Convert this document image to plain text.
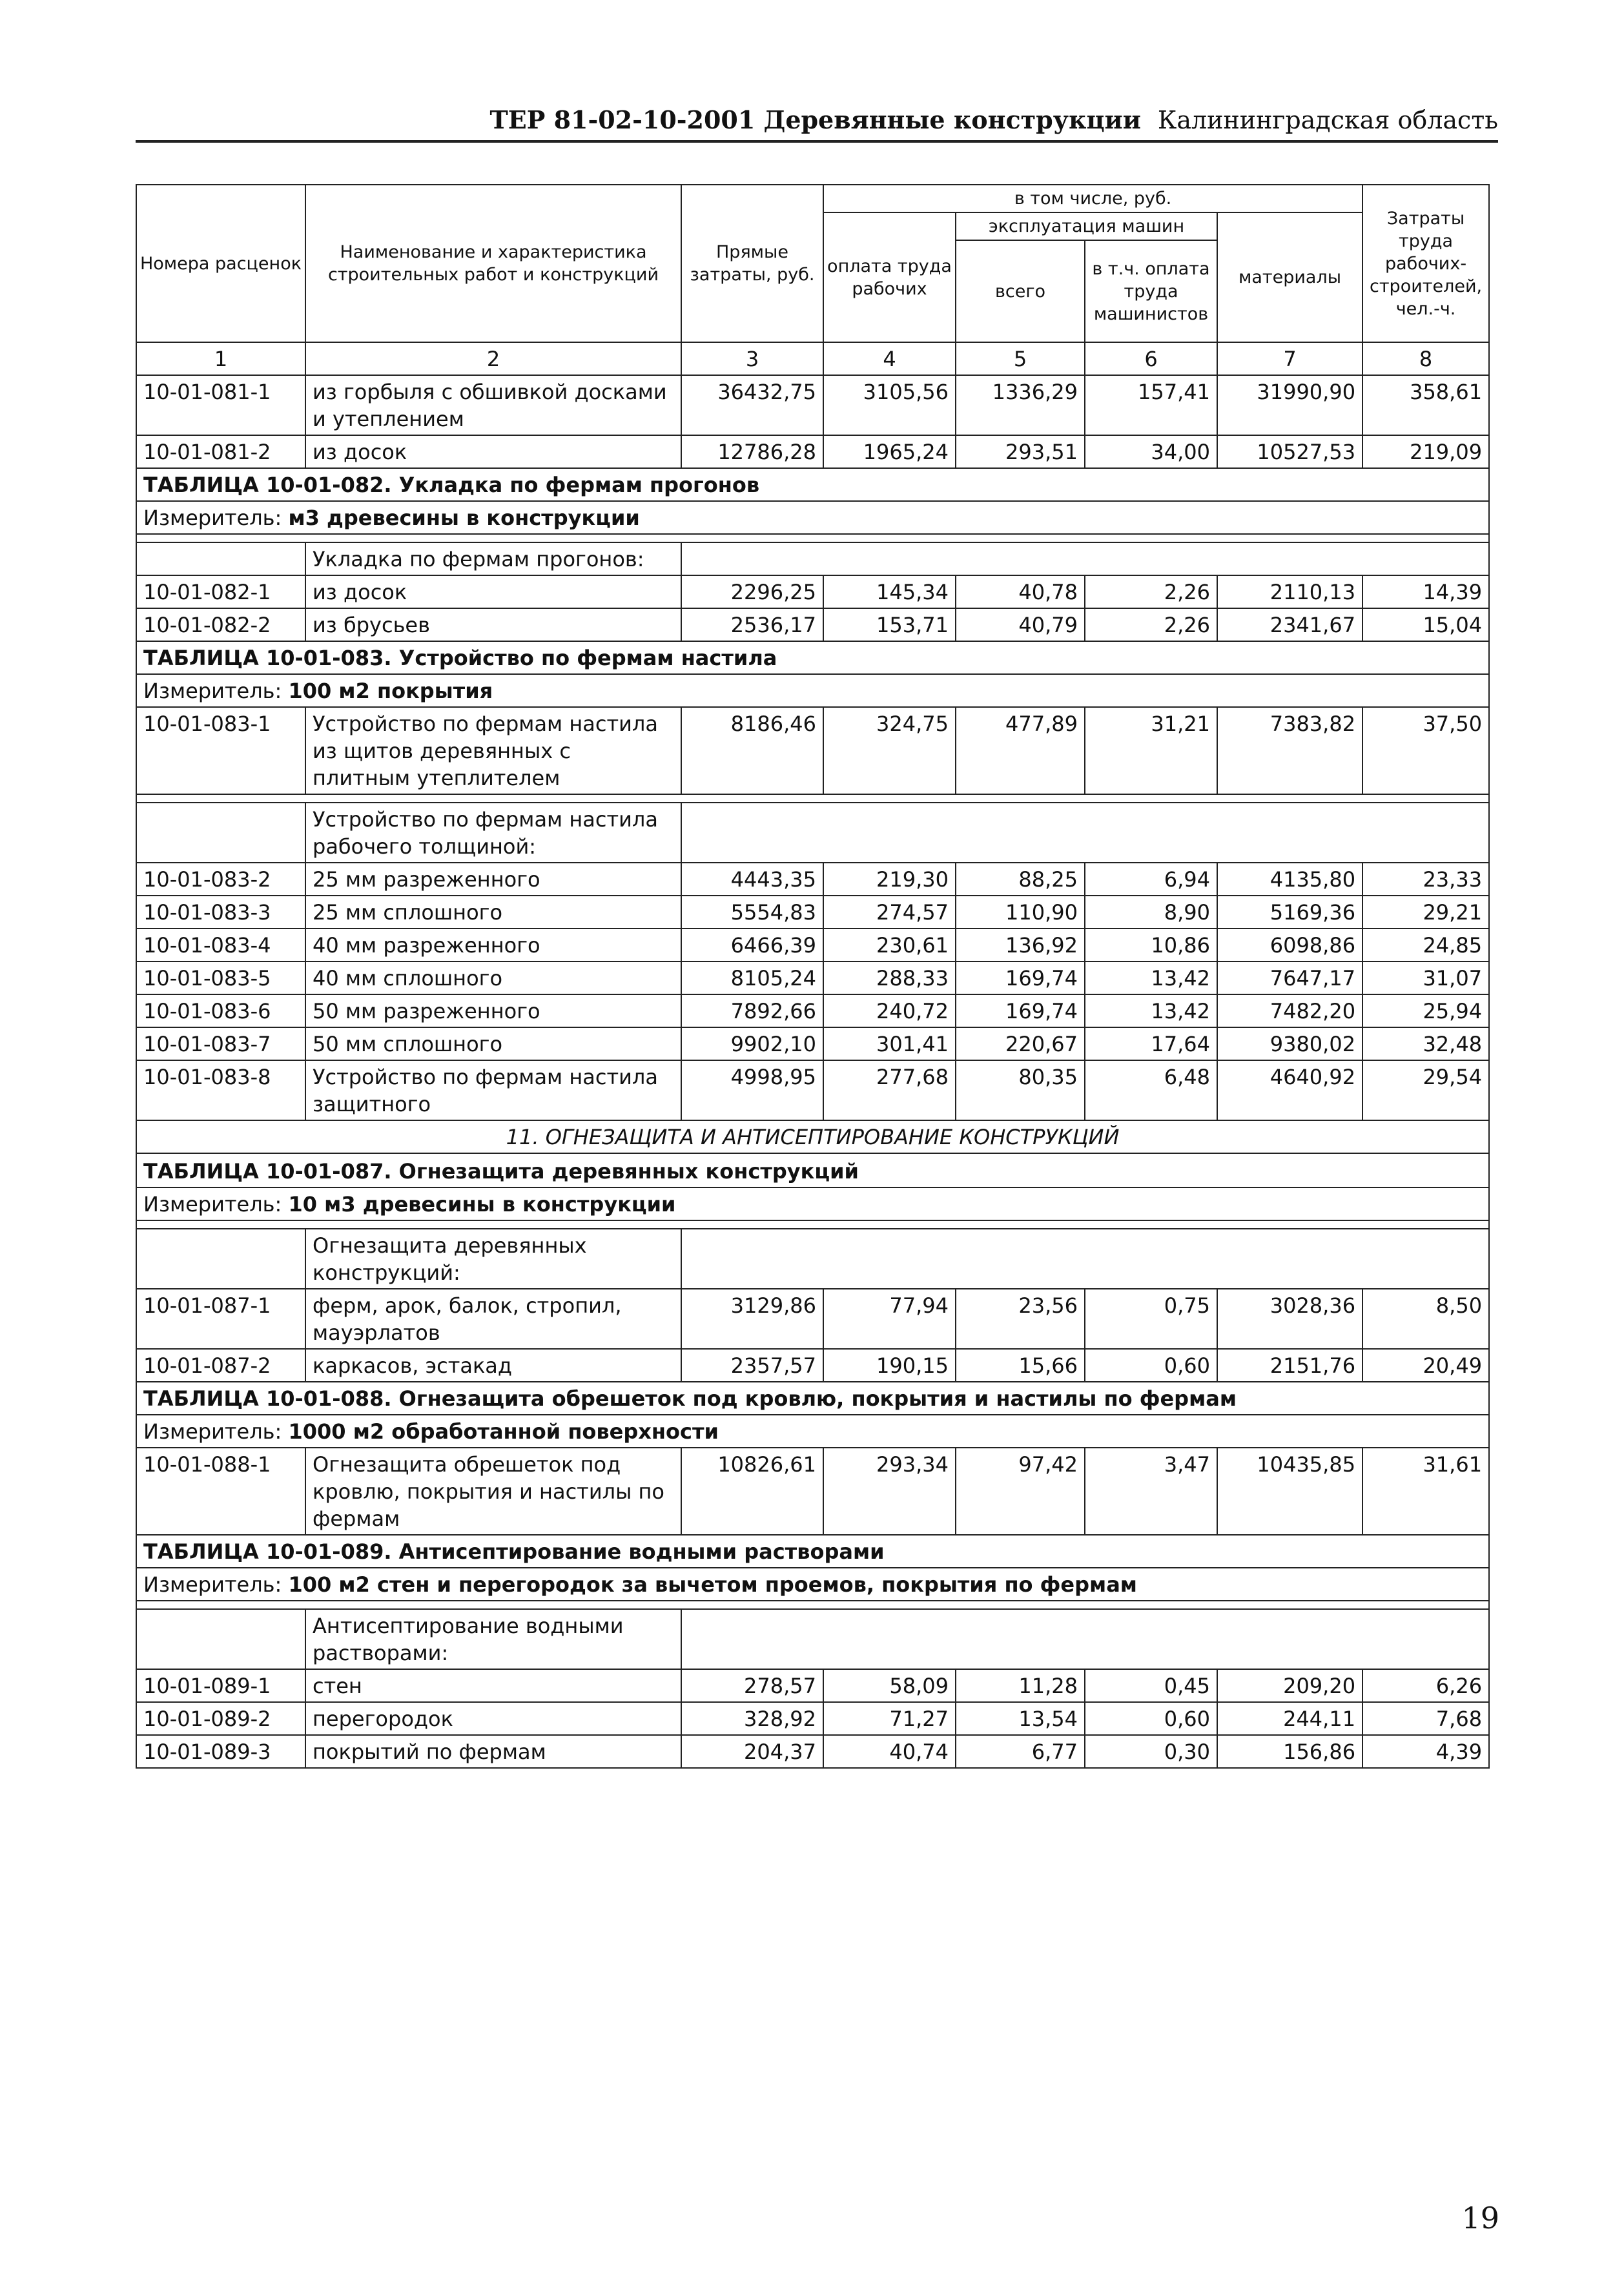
ТЕР 81-02-10-2001 Деревянные конструкции Калининградская область
Номера расценок	Наименование и характеристика строительных работ и конструкций	Прямые затраты, руб.	в том числе, руб.				Затраты труда рабочих-строителей, чел.-ч.
			оплата труда рабочих	эксплуатация машин		материалы	
				всего	в т.ч. оплата труда машинистов		
1	2	3	4	5	6	7	8
10-01-081-1	из горбыля с обшивкой досками и утеплением	36432,75	3105,56	1336,29	157,41	31990,90	358,61
10-01-081-2	из досок	12786,28	1965,24	293,51	34,00	10527,53	219,09
ТАБЛИЦА 10-01-082. Укладка по фермам прогонов							
Измеритель: м3 древесины в конструкции							

	Укладка по фермам прогонов:						
10-01-082-1	из досок	2296,25	145,34	40,78	2,26	2110,13	14,39
10-01-082-2	из брусьев	2536,17	153,71	40,79	2,26	2341,67	15,04
ТАБЛИЦА 10-01-083. Устройство по фермам настила							
Измеритель: 100 м2 покрытия							
10-01-083-1	Устройство по фермам настила из щитов деревянных с плитным утеплителем	8186,46	324,75	477,89	31,21	7383,82	37,50

	Устройство по фермам настила рабочего толщиной:						
10-01-083-2	25 мм разреженного	4443,35	219,30	88,25	6,94	4135,80	23,33
10-01-083-3	25 мм сплошного	5554,83	274,57	110,90	8,90	5169,36	29,21
10-01-083-4	40 мм разреженного	6466,39	230,61	136,92	10,86	6098,86	24,85
10-01-083-5	40 мм сплошного	8105,24	288,33	169,74	13,42	7647,17	31,07
10-01-083-6	50 мм разреженного	7892,66	240,72	169,74	13,42	7482,20	25,94
10-01-083-7	50 мм сплошного	9902,10	301,41	220,67	17,64	9380,02	32,48
10-01-083-8	Устройство по фермам настила защитного	4998,95	277,68	80,35	6,48	4640,92	29,54
11. ОГНЕЗАЩИТА И АНТИСЕПТИРОВАНИЕ КОНСТРУКЦИЙ							
ТАБЛИЦА 10-01-087. Огнезащита деревянных конструкций							
Измеритель: 10 м3 древесины в конструкции							

	Огнезащита деревянных конструкций:						
10-01-087-1	ферм, арок, балок, стропил, мауэрлатов	3129,86	77,94	23,56	0,75	3028,36	8,50
10-01-087-2	каркасов, эстакад	2357,57	190,15	15,66	0,60	2151,76	20,49
ТАБЛИЦА 10-01-088. Огнезащита обрешеток под кровлю, покрытия и настилы по фермам							
Измеритель: 1000 м2 обработанной поверхности							
10-01-088-1	Огнезащита обрешеток под кровлю, покрытия и настилы по фермам	10826,61	293,34	97,42	3,47	10435,85	31,61
ТАБЛИЦА 10-01-089. Антисептирование водными растворами							
Измеритель: 100 м2 стен и перегородок за вычетом проемов, покрытия по фермам							

	Антисептирование водными растворами:						
10-01-089-1	стен	278,57	58,09	11,28	0,45	209,20	6,26
10-01-089-2	перегородок	328,92	71,27	13,54	0,60	244,11	7,68
10-01-089-3	покрытий по фермам	204,37	40,74	6,77	0,30	156,86	4,39
19
